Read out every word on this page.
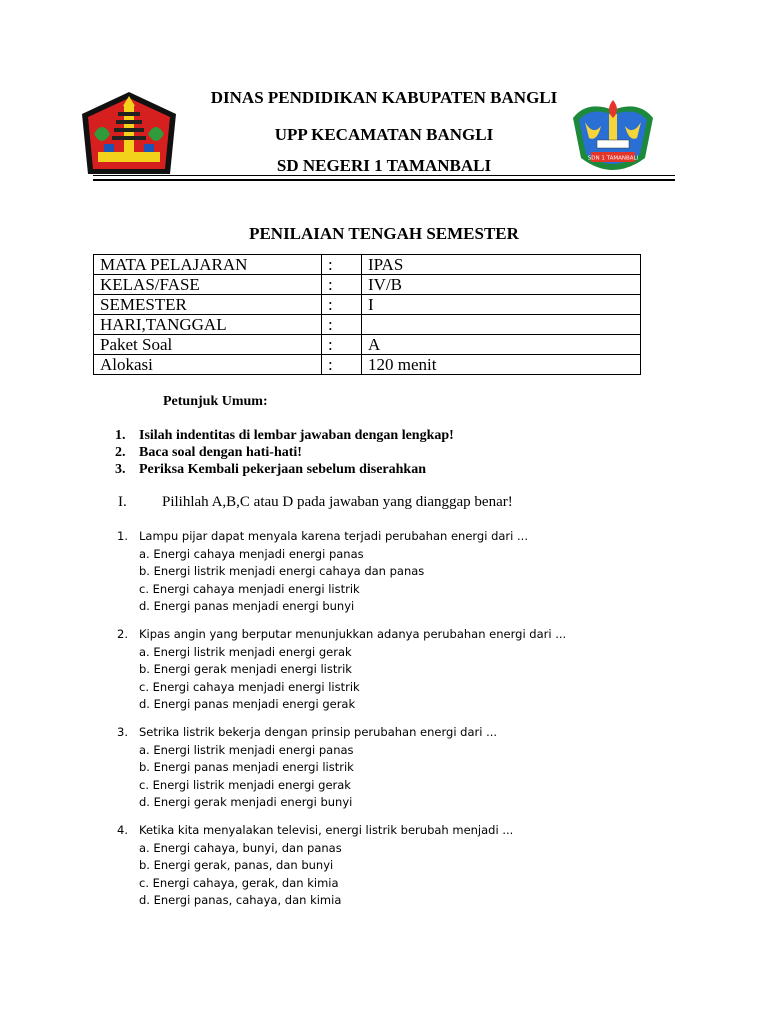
DINAS PENDIDIKAN KABUPATEN BANGLI
UPP KECAMATAN BANGLI
SD NEGERI 1 TAMANBALI	SDN 1 TAMANBALI
PENILAIAN TENGAH SEMESTER
MATA PELAJARAN	:	IPAS
KELAS/FASE	:	IV/B
SEMESTER	:	I
HARI,TANGGAL	:	
Paket Soal	:	A
Alokasi	:	120 menit
Petunjuk Umum:
1. Isilah indentitas di lembar jawaban dengan lengkap!
2. Baca soal dengan hati-hati!
3. Periksa Kembali pekerjaan sebelum diserahkan
I. Pilihlah A,B,C atau D pada jawaban yang dianggap benar!
1. Lampu pijar dapat menyala karena terjadi perubahan energi dari ...
a. Energi cahaya menjadi energi panas
b. Energi listrik menjadi energi cahaya dan panas
c. Energi cahaya menjadi energi listrik
d. Energi panas menjadi energi bunyi
2. Kipas angin yang berputar menunjukkan adanya perubahan energi dari ...
a. Energi listrik menjadi energi gerak
b. Energi gerak menjadi energi listrik
c. Energi cahaya menjadi energi listrik
d. Energi panas menjadi energi gerak
3. Setrika listrik bekerja dengan prinsip perubahan energi dari ...
a. Energi listrik menjadi energi panas
b. Energi panas menjadi energi listrik
c. Energi listrik menjadi energi gerak
d. Energi gerak menjadi energi bunyi
4. Ketika kita menyalakan televisi, energi listrik berubah menjadi ...
a. Energi cahaya, bunyi, dan panas
b. Energi gerak, panas, dan bunyi
c. Energi cahaya, gerak, dan kimia
d. Energi panas, cahaya, dan kimia
